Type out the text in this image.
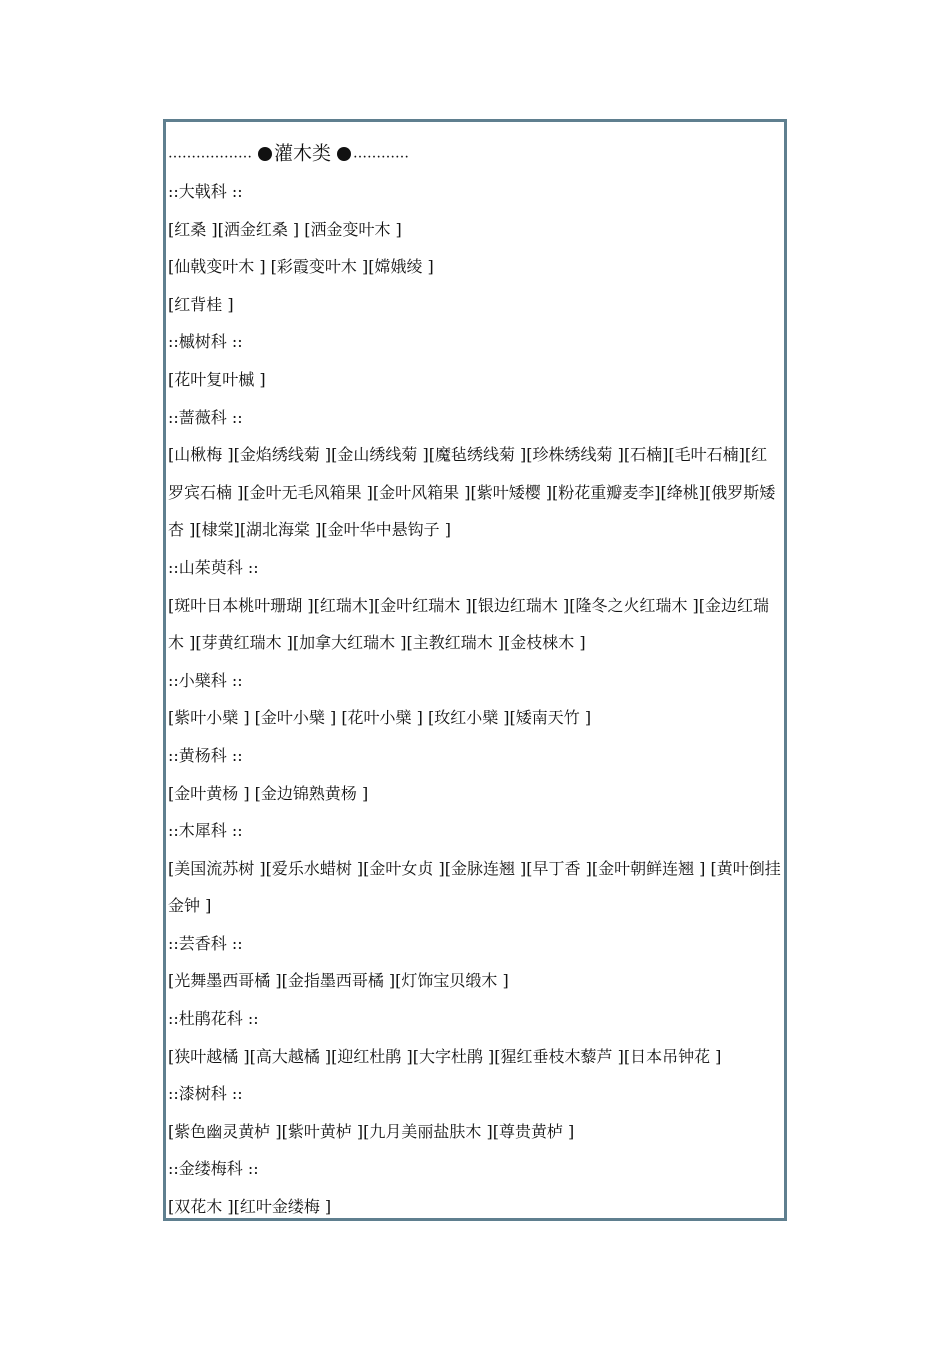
……………… 灌木类 …………
::大戟科 ::
[红桑 ][洒金红桑 ] [洒金变叶木 ]
[仙戟变叶木 ] [彩霞变叶木 ][嫦娥绫 ]
[红背桂 ]
::槭树科 ::
[花叶复叶槭 ]
::蔷薇科 ::
[山楸梅 ][金焰绣线菊 ][金山绣线菊 ][魔毡绣线菊 ][珍株绣线菊 ][石楠][毛叶石楠][红罗宾石楠 ][金叶无毛风箱果 ][金叶风箱果 ][紫叶矮樱 ][粉花重瓣麦李][绛桃][俄罗斯矮杏 ][棣棠][湖北海棠 ][金叶华中悬钩子 ]
::山茱萸科 ::
[斑叶日本桃叶珊瑚 ][红瑞木][金叶红瑞木 ][银边红瑞木 ][隆冬之火红瑞木 ][金边红瑞木 ][芽黄红瑞木 ][加拿大红瑞木 ][主教红瑞木 ][金枝梾木 ]
::小檗科 ::
[紫叶小檗 ] [金叶小檗 ] [花叶小檗 ] [玫红小檗 ][矮南天竹 ]
::黄杨科 ::
[金叶黄杨 ] [金边锦熟黄杨 ]
::木犀科 ::
[美国流苏树 ][爱乐水蜡树 ][金叶女贞 ][金脉连翘 ][早丁香 ][金叶朝鲜连翘 ] [黄叶倒挂金钟 ]
::芸香科 ::
[光舞墨西哥橘 ][金指墨西哥橘 ][灯饰宝贝缎木 ]
::杜鹃花科 ::
[狭叶越橘 ][高大越橘 ][迎红杜鹃 ][大字杜鹃 ][猩红垂枝木藜芦 ][日本吊钟花 ]
::漆树科 ::
[紫色幽灵黄栌 ][紫叶黄栌 ][九月美丽盐肤木 ][尊贵黄栌 ]
::金缕梅科 ::
[双花木 ][红叶金缕梅 ]
